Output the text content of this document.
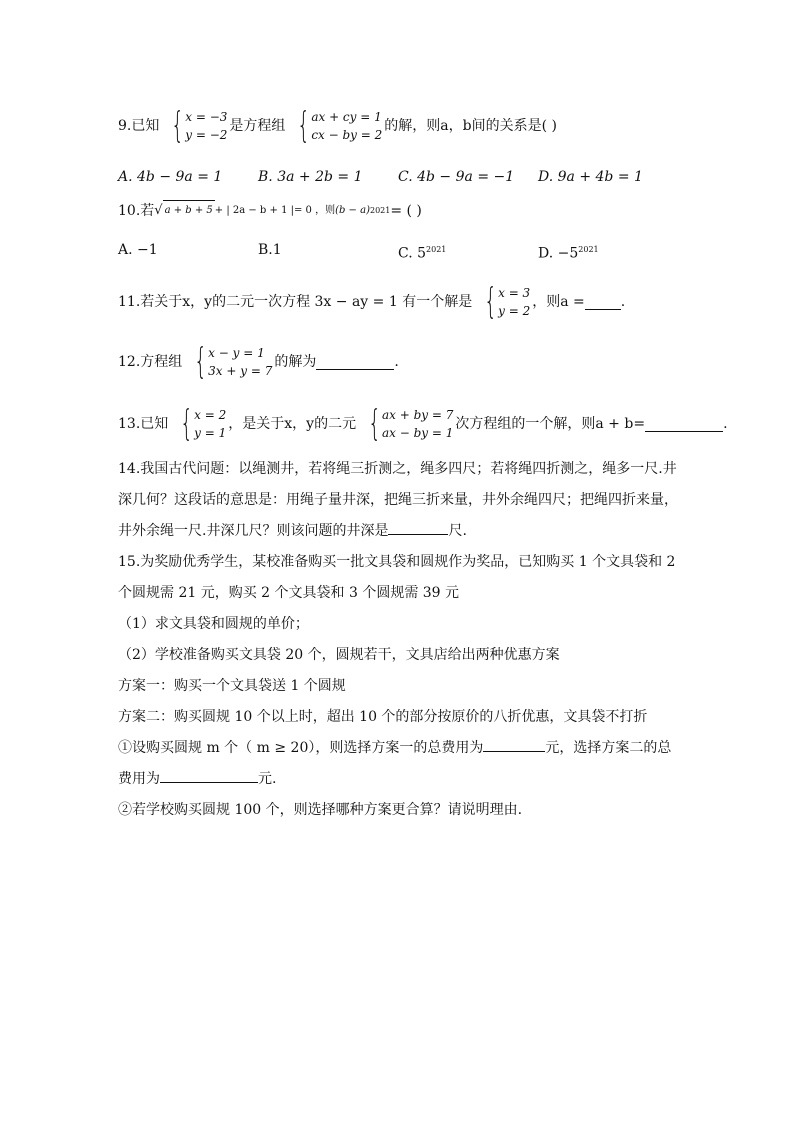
9.已知 { x = −3
y = −2
是方程组 { ax + cy = 1
cx − by = 2
的解，则a，b间的关系是( )
A. 4b − 9a = 1	B. 3a + 2b = 1	C. 4b − 9a = −1	D. 9a + 4b = 1
10.若 √ a + b + 5 + | 2a − b + 1 |= 0 ，则 (b − a) 2021 = ( )
A. −1	B.1	C. $5^{2021}$	D. $-5^{2021}$
11.若关于x，y的二元一次方程 3x − ay = 1 有一个解是 { x = 3
y = 2
，则a =	.
12.方程组 { x − y = 1
3x + y = 7
的解为	.
13.已知 { x = 2
y = 1
，是关于x，y的二元 { ax + by = 7
ax − by = 1
次方程组的一个解，则a + b=	.
14.我国古代问题：以绳测井，若将绳三折测之，绳多四尺；若将绳四折测之，绳多一尺.井深几何？这段话的意思是：用绳子量井深，把绳三折来量，井外余绳四尺；把绳四折来量，井外余绳一尺.井深几尺？则该问题的井深是	尺.
15.为奖励优秀学生，某校准备购买一批文具袋和圆规作为奖品，已知购买 1 个文具袋和 2 个圆规需 21 元，购买 2 个文具袋和 3 个圆规需 39 元
（1）求文具袋和圆规的单价；
（2）学校准备购买文具袋 20 个，圆规若干，文具店给出两种优惠方案
方案一：购买一个文具袋送 1 个圆规
方案二：购买圆规 10 个以上时，超出 10 个的部分按原价的八折优惠，文具袋不打折
①设购买圆规 m 个（ m ≥ 20），则选择方案一的总费用为	元，选择方案二的总费用为	元.
②若学校购买圆规 100 个，则选择哪种方案更合算？请说明理由.
